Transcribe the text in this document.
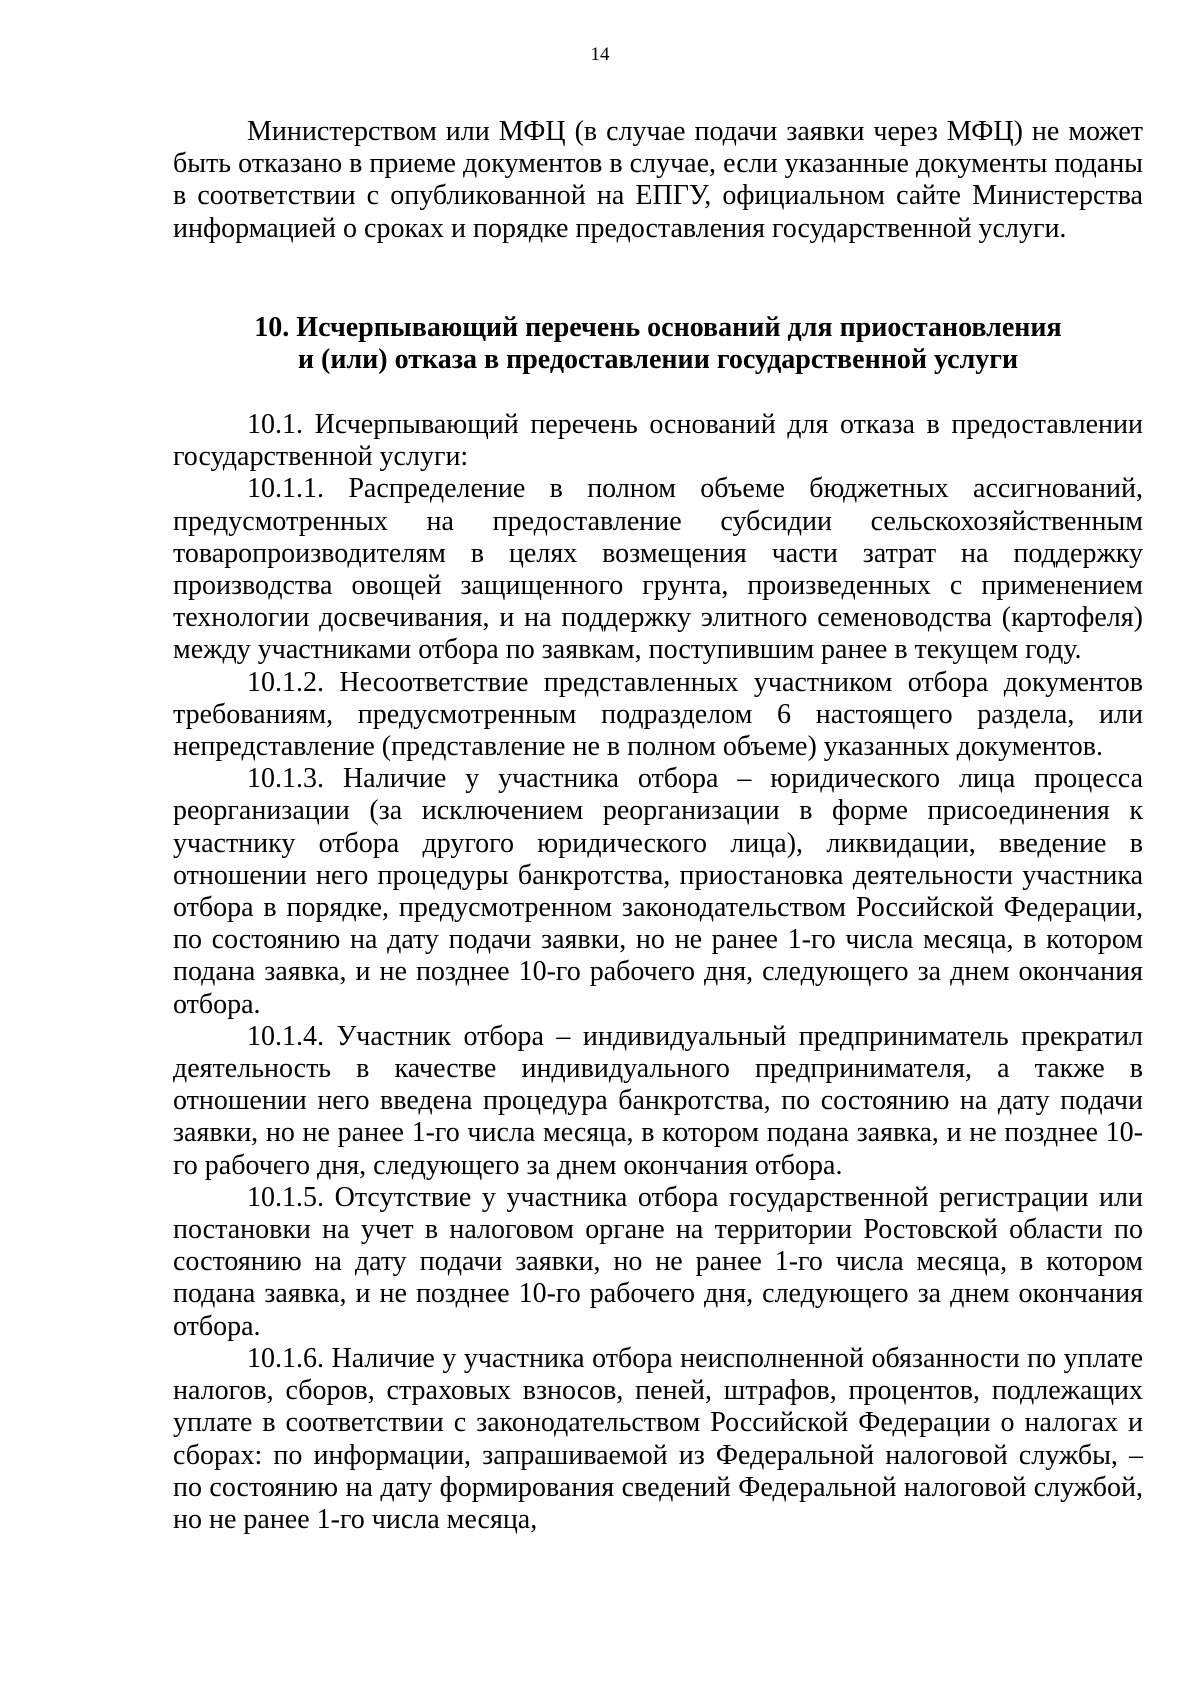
14

Министерством или МФЦ (в случае подачи заявки через МФЦ) не может быть отказано в приеме документов в случае, если указанные документы поданы в соответствии с опубликованной на ЕПГУ, официальном сайте Министерства информацией о сроках и порядке предоставления государственной услуги.

10. Исчерпывающий перечень оснований для приостановления
и (или) отказа в предоставлении государственной услуги

10.1. Исчерпывающий перечень оснований для отказа в предоставлении государственной услуги:

10.1.1. Распределение в полном объеме бюджетных ассигнований, предусмотренных на предоставление субсидии сельскохозяйственным товаропроизводителям в целях возмещения части затрат на поддержку производства овощей защищенного грунта, произведенных с применением технологии досвечивания, и на поддержку элитного семеноводства (картофеля) между участниками отбора по заявкам, поступившим ранее в текущем году.

10.1.2. Несоответствие представленных участником отбора документов требованиям, предусмотренным подразделом 6 настоящего раздела, или непредставление (представление не в полном объеме) указанных документов.

10.1.3. Наличие у участника отбора – юридического лица процесса реорганизации (за исключением реорганизации в форме присоединения к участнику отбора другого юридического лица), ликвидации, введение в отношении него процедуры банкротства, приостановка деятельности участника отбора в порядке, предусмотренном законодательством Российской Федерации, по состоянию на дату подачи заявки, но не ранее 1-го числа месяца, в котором подана заявка, и не позднее 10-го рабочего дня, следующего за днем окончания отбора.

10.1.4. Участник отбора – индивидуальный предприниматель прекратил деятельность в качестве индивидуального предпринимателя, а также в отношении него введена процедура банкротства, по состоянию на дату подачи заявки, но не ранее 1-го числа месяца, в котором подана заявка, и не позднее 10-го рабочего дня, следующего за днем окончания отбора.

10.1.5. Отсутствие у участника отбора государственной регистрации или постановки на учет в налоговом органе на территории Ростовской области по состоянию на дату подачи заявки, но не ранее 1-го числа месяца, в котором подана заявка, и не позднее 10-го рабочего дня, следующего за днем окончания отбора.

10.1.6. Наличие у участника отбора неисполненной обязанности по уплате налогов, сборов, страховых взносов, пеней, штрафов, процентов, подлежащих уплате в соответствии с законодательством Российской Федерации о налогах и сборах: по информации, запрашиваемой из Федеральной налоговой службы, – по состоянию на дату формирования сведений Федеральной налоговой службой, но не ранее 1-го числа месяца,
